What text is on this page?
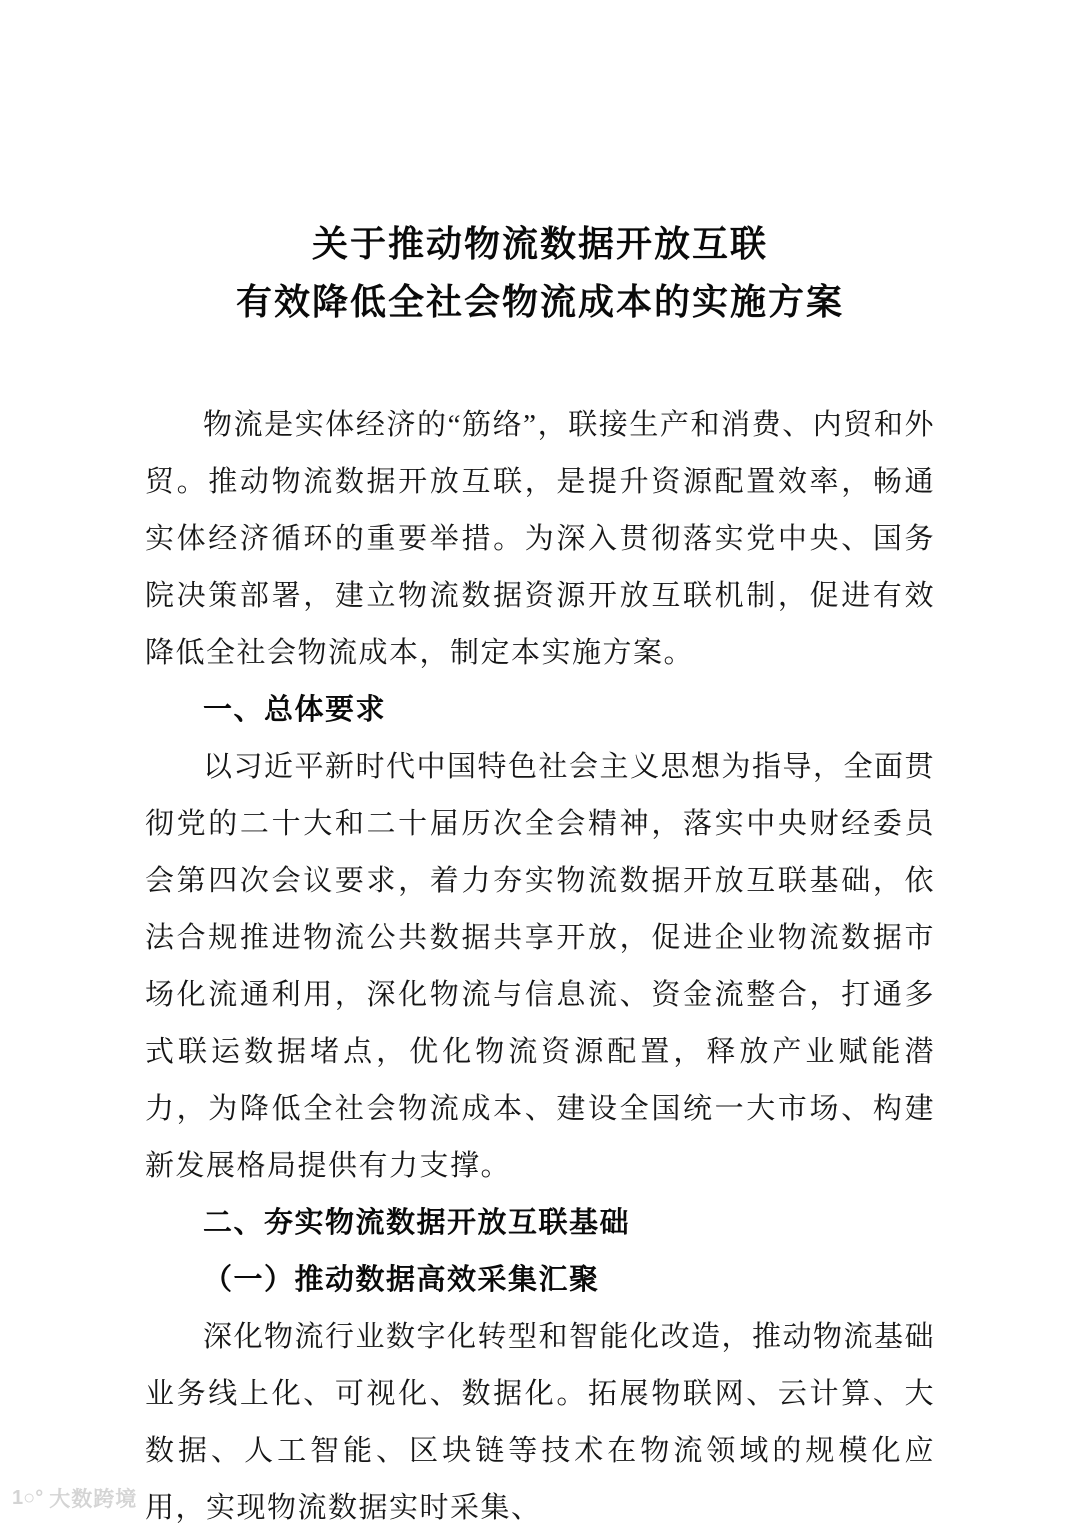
关于推动物流数据开放互联
有效降低全社会物流成本的实施方案

物流是实体经济的“筋络”，联接生产和消费、内贸和外贸。推动物流数据开放互联，是提升资源配置效率，畅通实体经济循环的重要举措。为深入贯彻落实党中央、国务院决策部署，建立物流数据资源开放互联机制，促进有效降低全社会物流成本，制定本实施方案。

一、总体要求

以习近平新时代中国特色社会主义思想为指导，全面贯彻党的二十大和二十届历次全会精神，落实中央财经委员会第四次会议要求，着力夯实物流数据开放互联基础，依法合规推进物流公共数据共享开放，促进企业物流数据市场化流通利用，深化物流与信息流、资金流整合，打通多式联运数据堵点，优化物流资源配置，释放产业赋能潜力，为降低全社会物流成本、建设全国统一大市场、构建新发展格局提供有力支撑。

二、夯实物流数据开放互联基础
（一）推动数据高效采集汇聚

深化物流行业数字化转型和智能化改造，推动物流基础业务线上化、可视化、数据化。拓展物联网、云计算、大数据、人工智能、区块链等技术在物流领域的规模化应用，实现物流数据实时采集、

1○° 大数跨境
